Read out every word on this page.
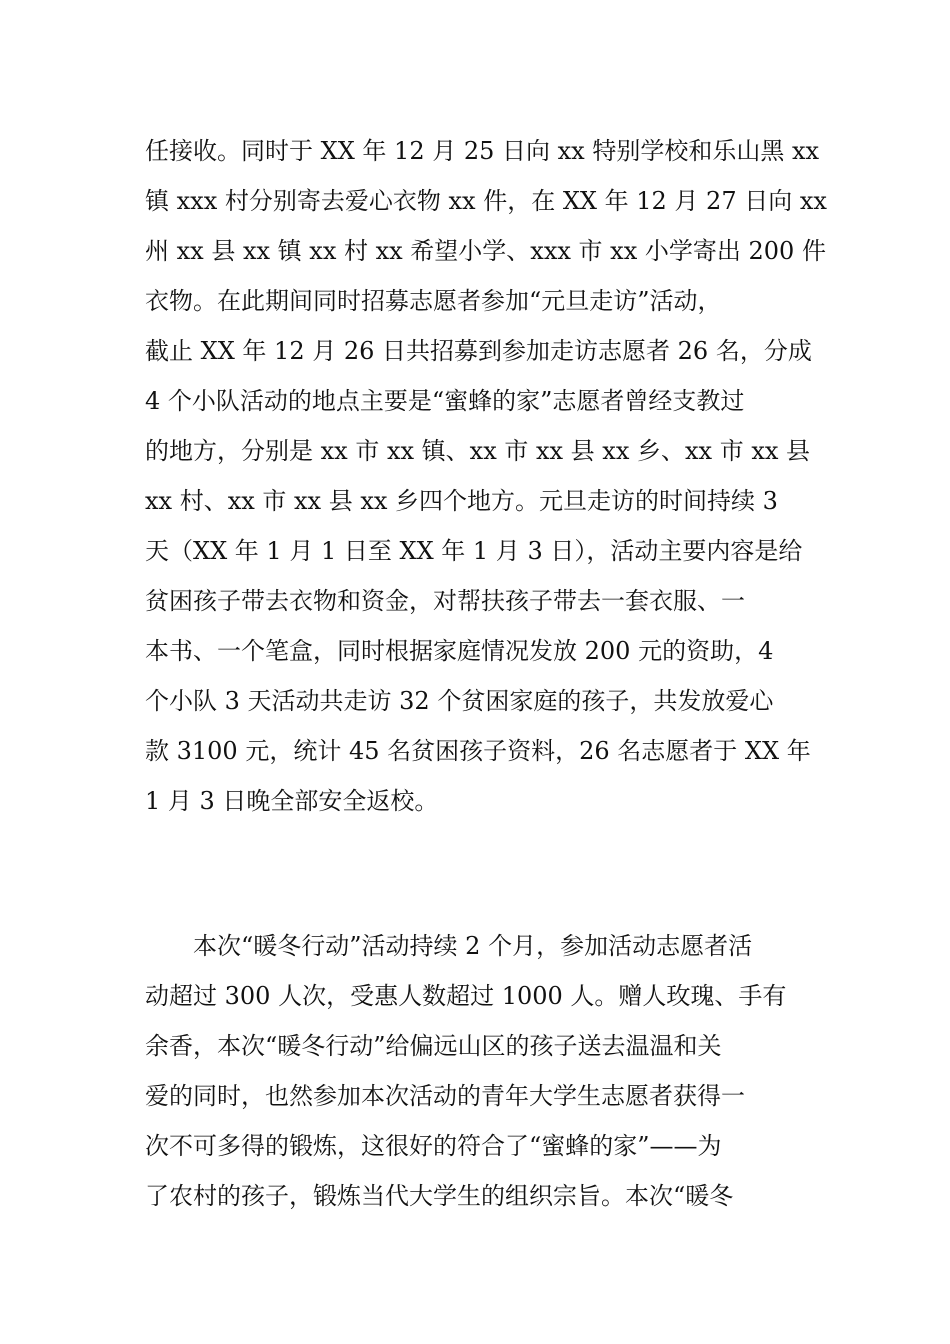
任接收。同时于 XX 年 12 月 25 日向 xx 特别学校和乐山黑 xx
镇 xxx 村分别寄去爱心衣物 xx 件，在 XX 年 12 月 27 日向 xx
州 xx 县 xx 镇 xx 村 xx 希望小学、xxx 市 xx 小学寄出 200 件
衣物。在此期间同时招募志愿者参加“元旦走访”活动，
截止 XX 年 12 月 26 日共招募到参加走访志愿者 26 名，分成
4 个小队活动的地点主要是“蜜蜂的家”志愿者曾经支教过
的地方，分别是 xx 市 xx 镇、xx 市 xx 县 xx 乡、xx 市 xx 县
xx 村、xx 市 xx 县 xx 乡四个地方。元旦走访的时间持续 3
天（XX 年 1 月 1 日至 XX 年 1 月 3 日），活动主要内容是给
贫困孩子带去衣物和资金，对帮扶孩子带去一套衣服、一
本书、一个笔盒，同时根据家庭情况发放 200 元的资助，4
个小队 3 天活动共走访 32 个贫困家庭的孩子，共发放爱心
款 3100 元，统计 45 名贫困孩子资料，26 名志愿者于 XX 年
1 月 3 日晚全部安全返校。
　　本次“暖冬行动”活动持续 2 个月，参加活动志愿者活
动超过 300 人次，受惠人数超过 1000 人。赠人玫瑰、手有
余香，本次“暖冬行动”给偏远山区的孩子送去温温和关
爱的同时，也然参加本次活动的青年大学生志愿者获得一
次不可多得的锻炼，这很好的符合了“蜜蜂的家”——为
了农村的孩子，锻炼当代大学生的组织宗旨。本次“暖冬
